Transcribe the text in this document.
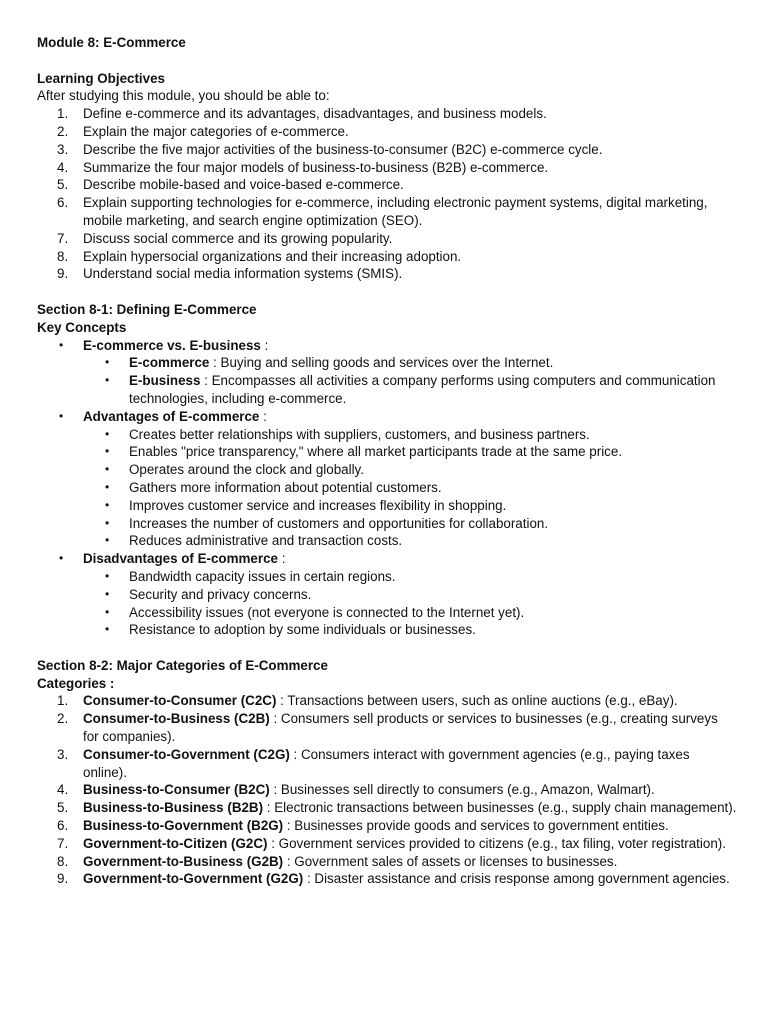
Module 8: E-Commerce

Learning Objectives

After studying this module, you should be able to:

1.	Define e-commerce and its advantages, disadvantages, and business models.
2.	Explain the major categories of e-commerce.
3.	Describe the five major activities of the business-to-consumer (B2C) e-commerce cycle.
4.	Summarize the four major models of business-to-business (B2B) e-commerce.
5.	Describe mobile-based and voice-based e-commerce.
6.	Explain supporting technologies for e-commerce, including electronic payment systems, digital marketing, mobile marketing, and search engine optimization (SEO).
7.	Discuss social commerce and its growing popularity.
8.	Explain hypersocial organizations and their increasing adoption.
9.	Understand social media information systems (SMIS).

Section 8-1: Defining E-Commerce

Key Concepts

• E-commerce vs. E-business :
• E-commerce : Buying and selling goods and services over the Internet.
• E-business : Encompasses all activities a company performs using computers and communication technologies, including e-commerce.
• Advantages of E-commerce :
• Creates better relationships with suppliers, customers, and business partners.
• Enables "price transparency," where all market participants trade at the same price.
• Operates around the clock and globally.
• Gathers more information about potential customers.
• Improves customer service and increases flexibility in shopping.
• Increases the number of customers and opportunities for collaboration.
• Reduces administrative and transaction costs.
• Disadvantages of E-commerce :
• Bandwidth capacity issues in certain regions.
• Security and privacy concerns.
• Accessibility issues (not everyone is connected to the Internet yet).
• Resistance to adoption by some individuals or businesses.

Section 8-2: Major Categories of E-Commerce

Categories :

1.	Consumer-to-Consumer (C2C) : Transactions between users, such as online auctions (e.g., eBay).
2.	Consumer-to-Business (C2B) : Consumers sell products or services to businesses (e.g., creating surveys for companies).
3.	Consumer-to-Government (C2G) : Consumers interact with government agencies (e.g., paying taxes online).
4.	Business-to-Consumer (B2C) : Businesses sell directly to consumers (e.g., Amazon, Walmart).
5.	Business-to-Business (B2B) : Electronic transactions between businesses (e.g., supply chain management).
6.	Business-to-Government (B2G) : Businesses provide goods and services to government entities.
7.	Government-to-Citizen (G2C) : Government services provided to citizens (e.g., tax filing, voter registration).
8.	Government-to-Business (G2B) : Government sales of assets or licenses to businesses.
9.	Government-to-Government (G2G) : Disaster assistance and crisis response among government agencies.
